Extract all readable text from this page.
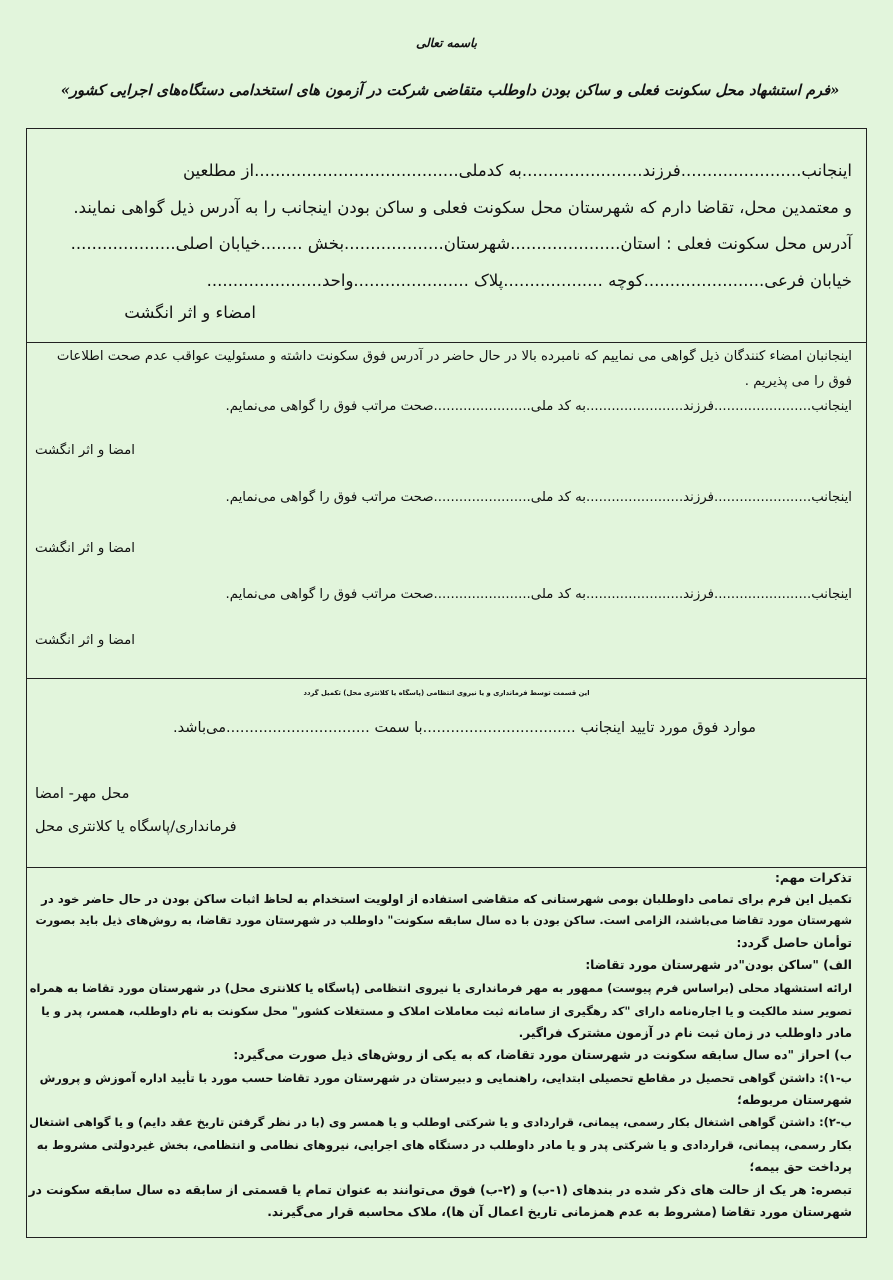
باسمه تعالی
«فرم استشهاد محل سکونت فعلی و ساکن بودن داوطلب متقاضی شرکت در آزمون های استخدامی دستگاه‌های اجرایی کشور»
اینجانب.......................فرزند.......................به کدملی.......................................از مطلعین
و معتمدین محل، تقاضا دارم که شهرستان محل سکونت فعلی و ساکن بودن اینجانب را به آدرس ذیل گواهی نمایند.
آدرس محل سکونت فعلی : استان.....................شهرستان...................بخش ........خیابان اصلی....................
خیابان فرعی.......................کوچه ...................پلاک ......................واحد......................
امضاء و اثر انگشت
اینجانبان امضاء کنندگان ذیل گواهی می نماییم که نامبرده بالا در حال حاضر در آدرس فوق سکونت داشته و مسئولیت عواقب عدم صحت اطلاعات
فوق را می پذیریم .
اینجانب.......................فرزند.......................به کد ملی.......................صحت مراتب فوق را گواهی می‌نمایم.
امضا و اثر انگشت
اینجانب.......................فرزند.......................به کد ملی.......................صحت مراتب فوق را گواهی می‌نمایم.
امضا و اثر انگشت
اینجانب.......................فرزند.......................به کد ملی.......................صحت مراتب فوق را گواهی می‌نمایم.
امضا و اثر انگشت
این قسمت توسط فرمانداری و یا نیروی انتظامی (پاسگاه یا کلانتری محل) تکمیل گردد
موارد فوق مورد تایید اینجانب .................................با سمت ...............................می‌باشد.
محل مهر- امضا
فرمانداری/پاسگاه یا کلانتری محل
تذکرات مهم:
تکمیل این فرم برای تمامی داوطلبان بومی شهرستانی که متقاضی استفاده از اولویت استخدام به لحاظ اثبات ساکن بودن در حال حاضر خود در
شهرستان مورد تقاضا می‌باشند، الزامی است. ساکن بودن با ده سال سابقه سکونت" داوطلب در شهرستان مورد تقاضا، به روش‌های ذیل باید بصورت
توأمان حاصل گردد:
الف) "ساکن بودن"در شهرستان مورد تقاضا:
ارائه استشهاد محلی (براساس فرم پیوست) ممهور به مهر فرمانداری یا نیروی انتظامی (پاسگاه یا کلانتری محل) در شهرستان مورد تقاضا به همراه
تصویر سند مالکیت و یا اجاره‌نامه دارای "کد رهگیری از سامانه ثبت معاملات املاک و مستغلات کشور" محل سکونت به نام داوطلب، همسر، پدر و یا
مادر داوطلب در زمان ثبت نام در آزمون مشترک فراگیر.
ب) احراز "ده سال سابقه سکونت در شهرستان مورد تقاضا، که به یکی از روش‌های ذیل صورت می‌گیرد:
ب-۱): داشتن گواهی تحصیل در مقاطع تحصیلی ابتدایی، راهنمایی و دبیرستان در شهرستان مورد تقاضا حسب مورد با تأیید اداره آموزش و پرورش
شهرستان مربوطه؛
ب-۲): داشتن گواهی اشتغال بکار رسمی، پیمانی، قراردادی و یا شرکتی اوطلب و یا همسر وی (با در نظر گرفتن تاریخ عقد دایم) و یا گواهی اشتغال
بکار رسمی، پیمانی، قراردادی و یا شرکتی پدر و یا مادر داوطلب در دستگاه های اجرایی، نیروهای نظامی و انتظامی، بخش غیردولتی مشروط به
پرداخت حق بیمه؛
تبصره: هر یک از حالت های ذکر شده در بندهای (۱-ب) و (۲-ب) فوق می‌توانند به عنوان تمام یا قسمتی از سابقه ده سال سابقه سکونت در
شهرستان مورد تقاضا (مشروط به عدم همزمانی تاریخ اعمال آن ها)، ملاک محاسبه قرار می‌گیرند.
